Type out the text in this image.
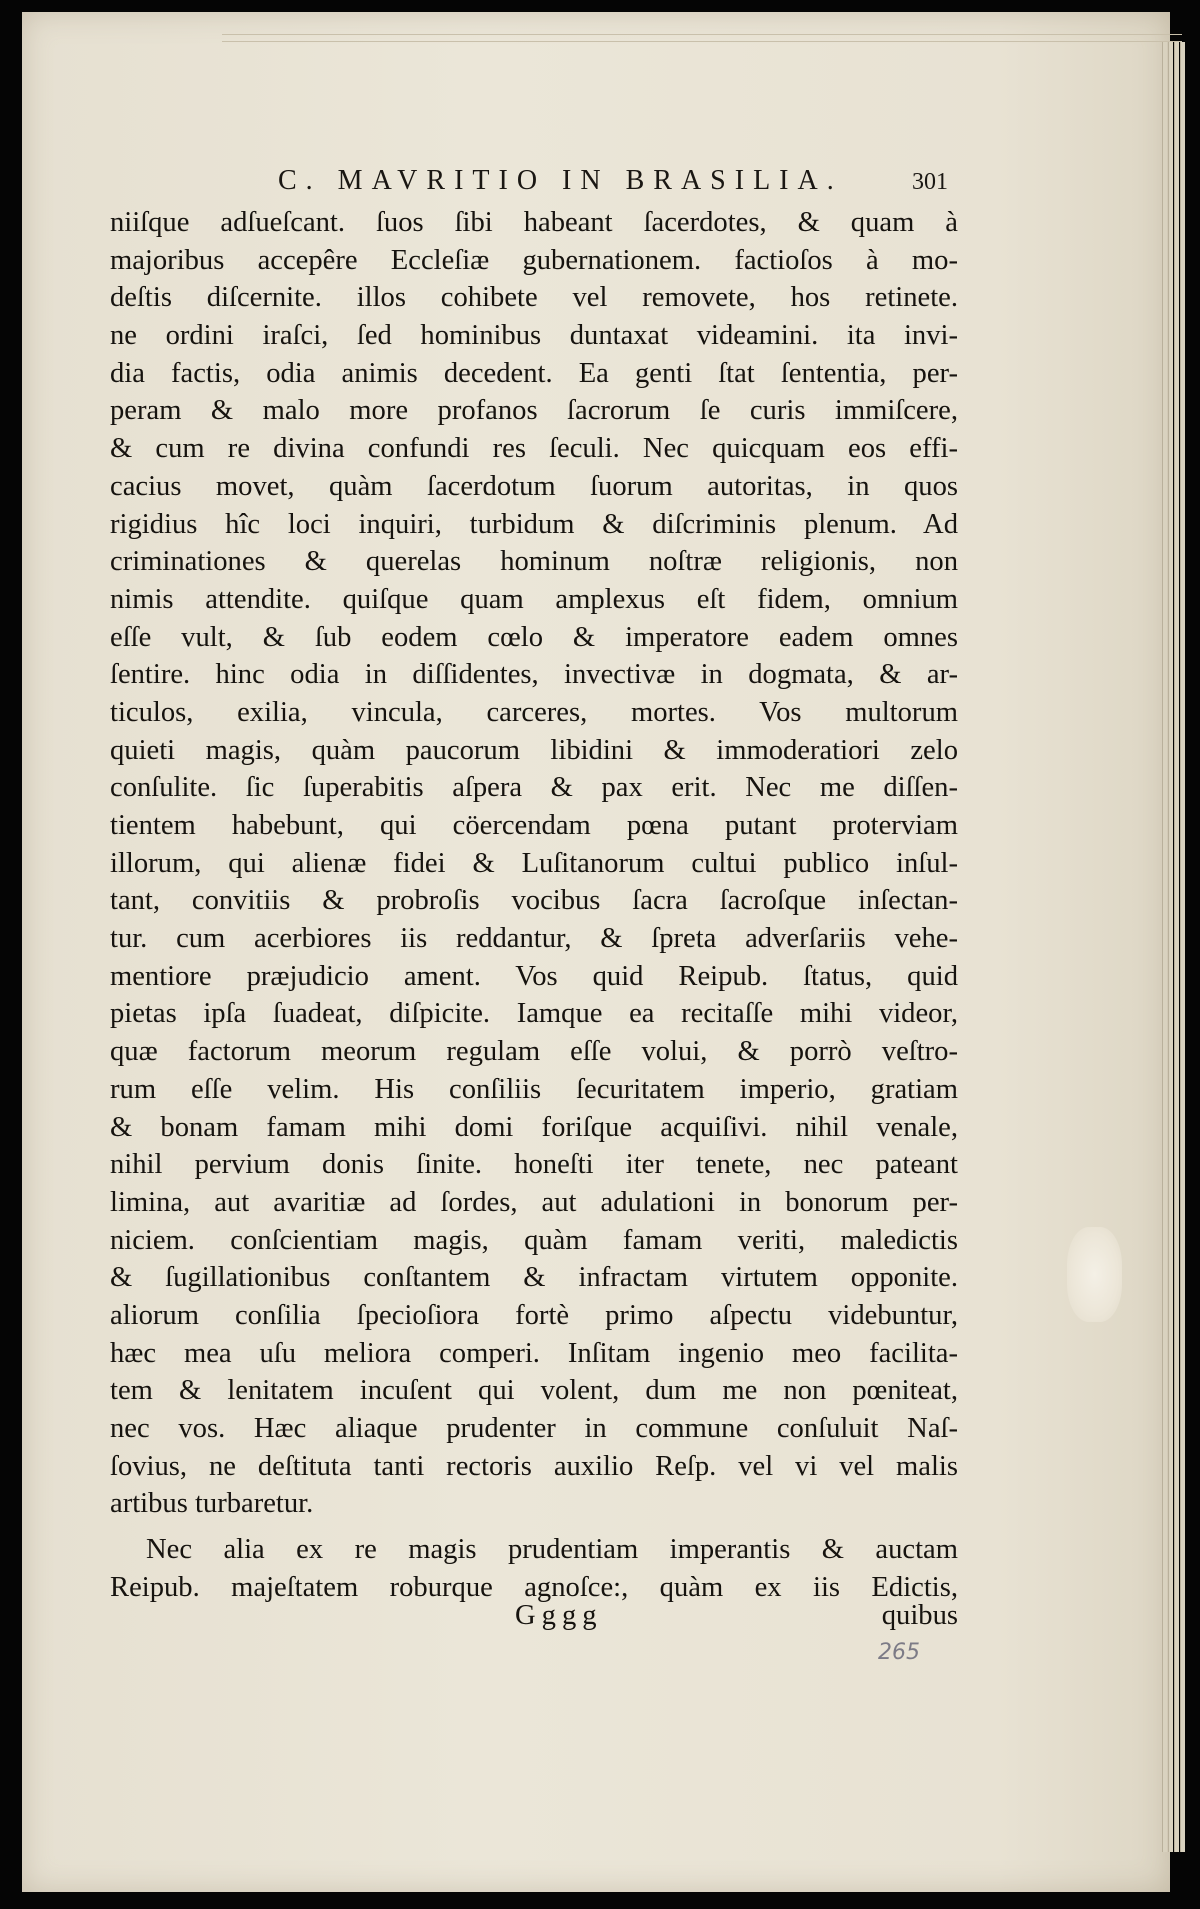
C. MAVRITIO IN BRASILIA.	301
niiſque adſueſcant. ſuos ſibi habeant ſacerdotes, & quam à
majoribus accepêre Eccleſiæ gubernationem. factioſos à mo-
deſtis diſcernite. illos cohibete vel removete, hos retinete.
ne ordini iraſci, ſed hominibus duntaxat videamini. ita invi-
dia factis, odia animis decedent. Ea genti ſtat ſententia, per-
peram & malo more profanos ſacrorum ſe curis immiſcere,
& cum re divina confundi res ſeculi. Nec quicquam eos effi-
cacius movet, quàm ſacerdotum ſuorum autoritas, in quos
rigidius hîc loci inquiri, turbidum & diſcriminis plenum. Ad
criminationes & querelas hominum noſtræ religionis, non
nimis attendite. quiſque quam amplexus eſt fidem, omnium
eſſe vult, & ſub eodem cœlo & imperatore eadem omnes
ſentire. hinc odia in diſſidentes, invectivæ in dogmata, & ar-
ticulos, exilia, vincula, carceres, mortes. Vos multorum
quieti magis, quàm paucorum libidini & immoderatiori zelo
conſulite. ſic ſuperabitis aſpera & pax erit. Nec me diſſen-
tientem habebunt, qui cöercendam pœna putant proterviam
illorum, qui alienæ fidei & Luſitanorum cultui publico inſul-
tant, convitiis & probroſis vocibus ſacra ſacroſque inſectan-
tur. cum acerbiores iis reddantur, & ſpreta adverſariis vehe-
mentiore præjudicio ament. Vos quid Reipub. ſtatus, quid
pietas ipſa ſuadeat, diſpicite. Iamque ea recitaſſe mihi videor,
quæ factorum meorum regulam eſſe volui, & porrò veſtro-
rum eſſe velim. His conſiliis ſecuritatem imperio, gratiam
& bonam famam mihi domi foriſque acquiſivi. nihil venale,
nihil pervium donis ſinite. honeſti iter tenete, nec pateant
limina, aut avaritiæ ad ſordes, aut adulationi in bonorum per-
niciem. conſcientiam magis, quàm famam veriti, maledictis
& ſugillationibus conſtantem & infractam virtutem opponite.
aliorum conſilia ſpecioſiora fortè primo aſpectu videbuntur,
hæc mea uſu meliora comperi. Inſitam ingenio meo facilita-
tem & lenitatem incuſent qui volent, dum me non pœniteat,
nec vos. Hæc aliaque prudenter in commune conſuluit Naſ-
ſovius, ne deſtituta tanti rectoris auxilio Reſp. vel vi vel malis
artibus turbaretur.
Nec alia ex re magis prudentiam imperantis & auctam
Reipub. majeſtatem roburque agnoſce:, quàm ex iis Edictis,
Gggg	quibus
265
